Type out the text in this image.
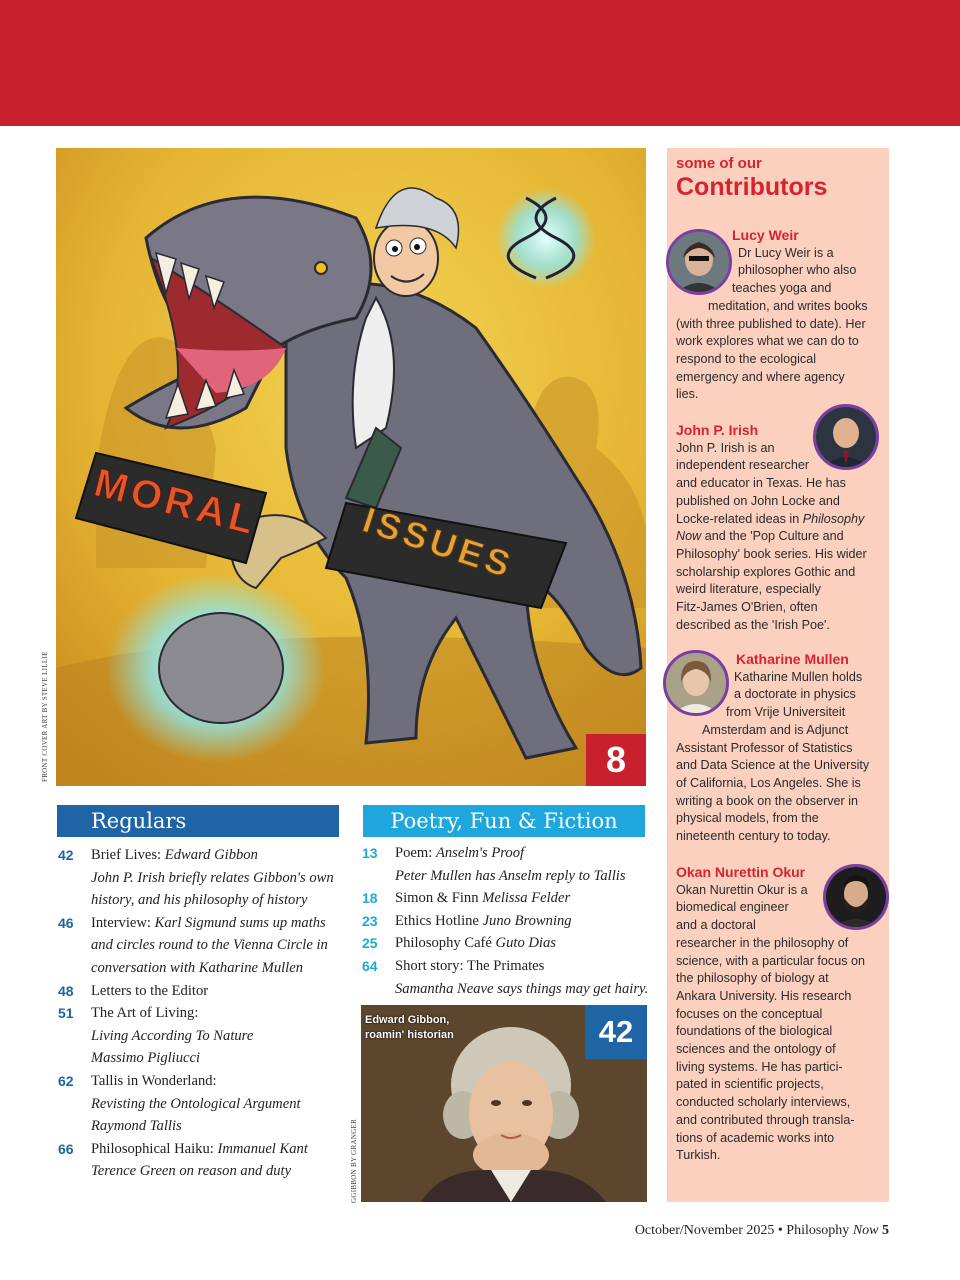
MORAL	ISSUES
8
FRONT COVER ART BY STEVE LILLIE
Regulars
42	Brief Lives: Edward Gibbon
John P. Irish briefly relates Gibbon's own
history, and his philosophy of history
46	Interview: Karl Sigmund sums up maths
and circles round to the Vienna Circle in
conversation with Katharine Mullen
48	Letters to the Editor
51	The Art of Living:
Living According To Nature
Massimo Pigliucci
62	Tallis in Wonderland:
Revisting the Ontological Argument
Raymond Tallis
66	Philosophical Haiku: Immanuel Kant
Terence Green on reason and duty
Poetry, Fun & Fiction
13	Poem: Anselm's Proof
Peter Mullen has Anselm reply to Tallis
18	Simon & Finn Melissa Felder
23	Ethics Hotline Juno Browning
25	Philosophy Café Guto Dias
64	Short story: The Primates
Samantha Neave says things may get hairy.
Edward Gibbon,
roamin' historian	42
GGIBBON BY GRANGER
some of our
Contributors
Lucy Weir
Dr Lucy Weir is a
philosopher who also
teaches yoga and
meditation, and writes books
(with three published to date). Her
work explores what we can do to
respond to the ecological
emergency and where agency
lies.
John P. Irish
John P. Irish is an
independent researcher
and educator in Texas. He has
published on John Locke and
Locke-related ideas in Philosophy
Now and the 'Pop Culture and
Philosophy' book series. His wider
scholarship explores Gothic and
weird literature, especially
Fitz-James O'Brien, often
described as the 'Irish Poe'.
Katharine Mullen
Katharine Mullen holds
a doctorate in physics
from Vrije Universiteit
Amsterdam and is Adjunct
Assistant Professor of Statistics
and Data Science at the University
of California, Los Angeles. She is
writing a book on the observer in
physical models, from the
nineteenth century to today.
Okan Nurettin Okur
Okan Nurettin Okur is a
biomedical engineer
and a doctoral
researcher in the philosophy of
science, with a particular focus on
the philosophy of biology at
Ankara University. His research
focuses on the conceptual
foundations of the biological
sciences and the ontology of
living systems. He has partici-
pated in scientific projects,
conducted scholarly interviews,
and contributed through transla-
tions of academic works into
Turkish.
October/November 2025 • Philosophy Now 5
